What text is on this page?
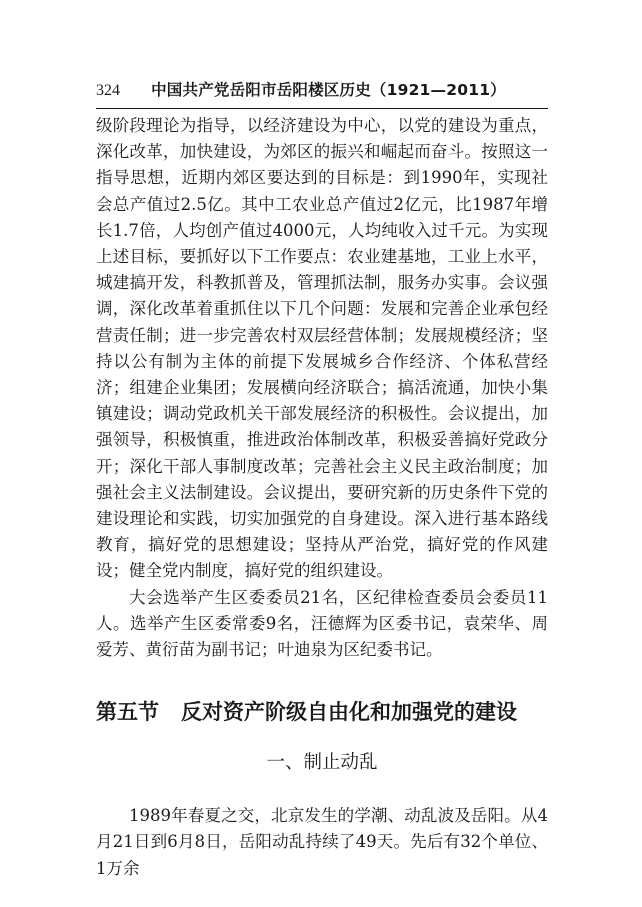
324 中国共产党岳阳市岳阳楼区历史（1921—2011）

级阶段理论为指导，以经济建设为中心，以党的建设为重点，深化改革，加快建设，为郊区的振兴和崛起而奋斗。按照这一指导思想，近期内郊区要达到的目标是：到1990年，实现社会总产值过2.5亿。其中工农业总产值过2亿元，比1987年增长1.7倍，人均创产值过4000元，人均纯收入过千元。为实现上述目标，要抓好以下工作要点：农业建基地，工业上水平，城建搞开发，科教抓普及，管理抓法制，服务办实事。会议强调，深化改革着重抓住以下几个问题：发展和完善企业承包经营责任制；进一步完善农村双层经营体制；发展规模经济；坚持以公有制为主体的前提下发展城乡合作经济、个体私营经济；组建企业集团；发展横向经济联合；搞活流通，加快小集镇建设；调动党政机关干部发展经济的积极性。会议提出，加强领导，积极慎重，推进政治体制改革，积极妥善搞好党政分开；深化干部人事制度改革；完善社会主义民主政治制度；加强社会主义法制建设。会议提出，要研究新的历史条件下党的建设理论和实践，切实加强党的自身建设。深入进行基本路线教育，搞好党的思想建设；坚持从严治党，搞好党的作风建设；健全党内制度，搞好党的组织建设。

大会选举产生区委委员21名，区纪律检查委员会委员11人。选举产生区委常委9名，汪德辉为区委书记，袁荣华、周爱芳、黄衍苗为副书记；叶迪泉为区纪委书记。

第五节 反对资产阶级自由化和加强党的建设
一、制止动乱

1989年春夏之交，北京发生的学潮、动乱波及岳阳。从4月21日到6月8日，岳阳动乱持续了49天。先后有32个单位、1万余
